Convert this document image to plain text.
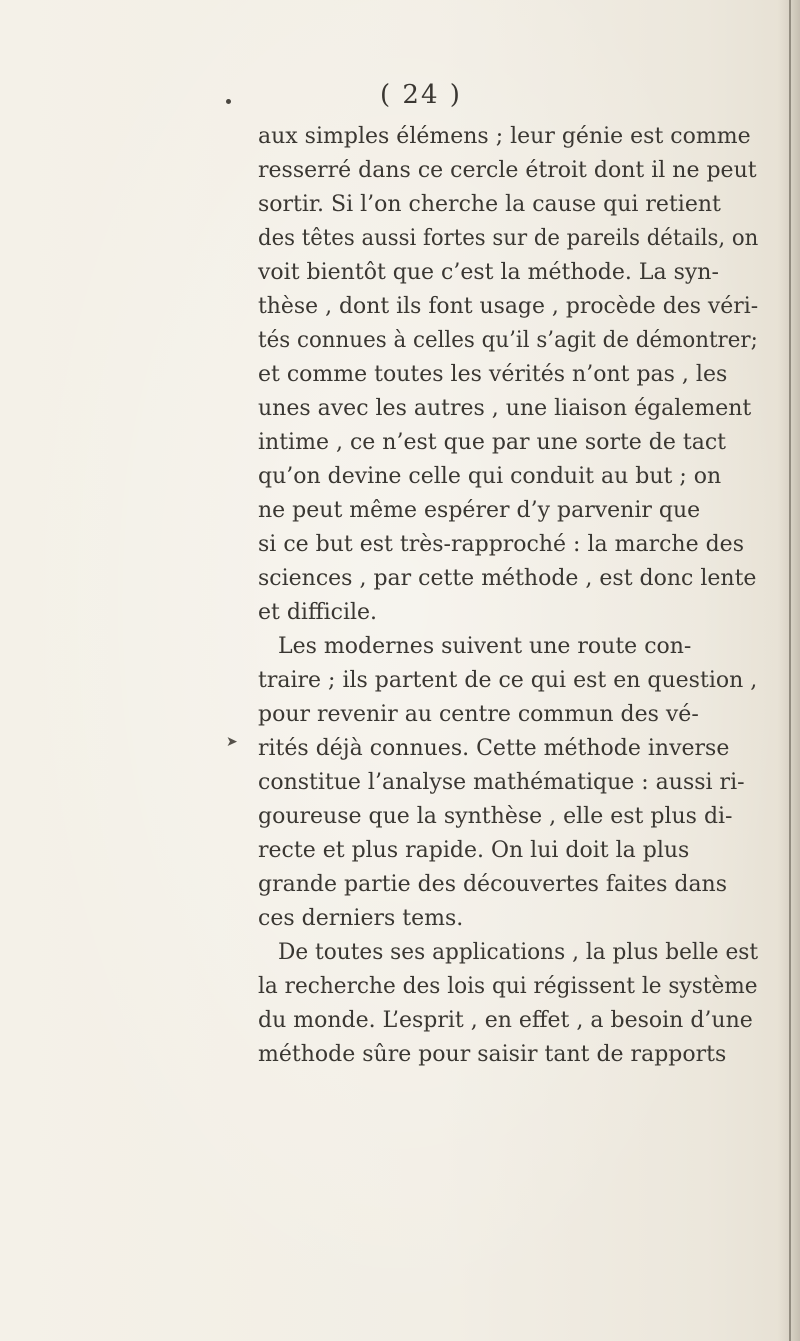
( 24 )
➤
aux simples élémens ; leur génie est comme
resserré dans ce cercle étroit dont il ne peut
sortir. Si l’on cherche la cause qui retient
des têtes aussi fortes sur de pareils détails, on
voit bientôt que c’est la méthode. La syn-
thèse , dont ils font usage , procède des véri-
tés connues à celles qu’il s’agit de démontrer;
et comme toutes les vérités n’ont pas , les
unes avec les autres , une liaison également
intime , ce n’est que par une sorte de tact
qu’on devine celle qui conduit au but ; on
ne peut même espérer d’y parvenir que
si ce but est très-rapproché : la marche des
sciences , par cette méthode , est donc lente
et difficile.
Les modernes suivent une route con-
traire ; ils partent de ce qui est en question ,
pour revenir au centre commun des vé-
rités déjà connues. Cette méthode inverse
constitue l’analyse mathématique : aussi ri-
goureuse que la synthèse , elle est plus di-
recte et plus rapide. On lui doit la plus
grande partie des découvertes faites dans
ces derniers tems.
De toutes ses applications , la plus belle est
la recherche des lois qui régissent le système
du monde. L’esprit , en effet , a besoin d’une
méthode sûre pour saisir tant de rapports
